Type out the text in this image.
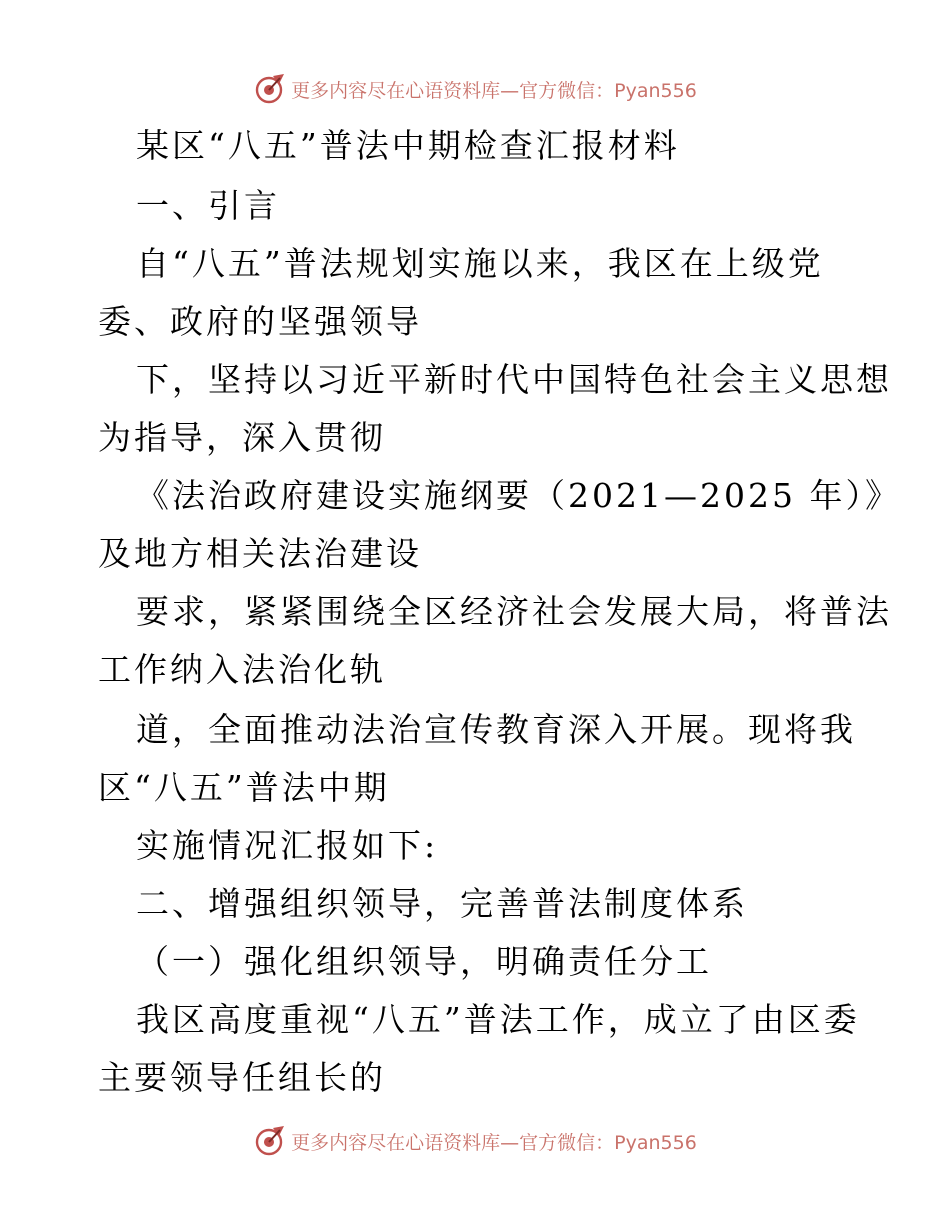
更多内容尽在心语资料库—官方微信：Pyan556
某区“八五”普法中期检查汇报材料
一、引言
自“八五”普法规划实施以来，我区在上级党
委、政府的坚强领导
下，坚持以习近平新时代中国特色社会主义思想
为指导，深入贯彻
《法治政府建设实施纲要（2021—2025 年）》
及地方相关法治建设
要求，紧紧围绕全区经济社会发展大局，将普法
工作纳入法治化轨
道，全面推动法治宣传教育深入开展。现将我
区“八五”普法中期
实施情况汇报如下:
二、增强组织领导，完善普法制度体系
（一）强化组织领导，明确责任分工
我区高度重视“八五”普法工作，成立了由区委
主要领导任组长的
更多内容尽在心语资料库—官方微信：Pyan556
